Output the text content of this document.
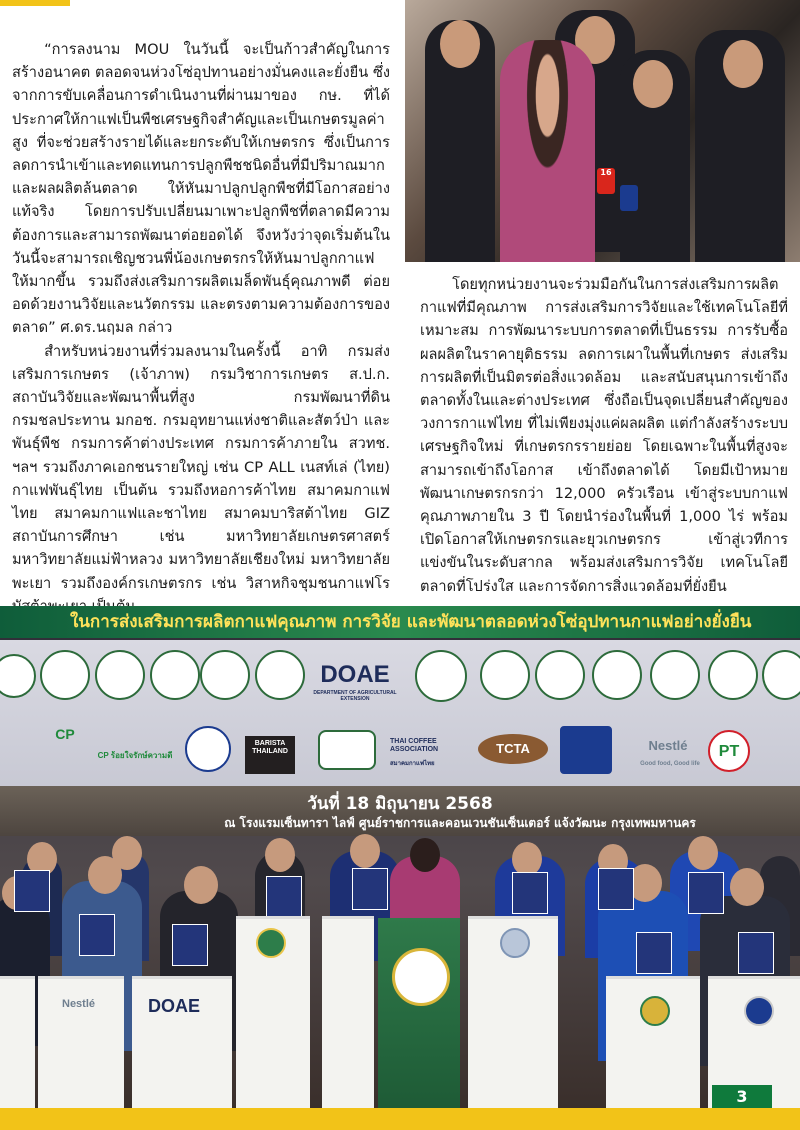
“การลงนาม MOU ในวันนี้ จะเป็นก้าวสำคัญในการสร้างอนาคต ตลอดจนห่วงโซ่อุปทานอย่างมั่นคงและยั่งยืน ซึ่งจากการขับเคลื่อนการดำเนินงานที่ผ่านมาของ กษ. ที่ได้ประกาศให้กาแฟเป็นพืชเศรษฐกิจสำคัญและเป็นเกษตรมูลค่าสูง ที่จะช่วยสร้างรายได้และยกระดับให้เกษตรกร ซึ่งเป็นการลดการนำเข้าและทดแทนการปลูกพืชชนิดอื่นที่มีปริมาณมากและผลผลิตล้นตลาด ให้หันมาปลูกปลูกพืชที่มีโอกาสอย่างแท้จริง โดยการปรับเปลี่ยนมาเพาะปลูกพืชที่ตลาดมีความต้องการและสามารถพัฒนาต่อยอดได้ จึงหวังว่าจุดเริ่มต้นในวันนี้จะสามารถเชิญชวนพี่น้องเกษตรกรให้หันมาปลูกกาแฟให้มากขึ้น รวมถึงส่งเสริมการผลิตเมล็ดพันธุ์คุณภาพดี ต่อยอดด้วยงานวิจัยและนวัตกรรม และตรงตามความต้องการของตลาด” ศ.ดร.นฤมล กล่าว

สำหรับหน่วยงานที่ร่วมลงนามในครั้งนี้ อาทิ กรมส่งเสริมการเกษตร (เจ้าภาพ) กรมวิชาการเกษตร ส.ป.ก. สถาบันวิจัยและพัฒนาพื้นที่สูง กรมพัฒนาที่ดิน กรมชลประทาน มกอช. กรมอุทยานแห่งชาติและสัตว์ป่า และพันธุ์พืช กรมการค้าต่างประเทศ กรมการค้าภายใน สวทช. ฯลฯ รวมถึงภาคเอกชนรายใหญ่ เช่น CP ALL เนสท์เล่ (ไทย) กาแฟพันธุ์ไทย เป็นต้น รวมถึงหอการค้าไทย สมาคมกาแฟไทย สมาคมกาแฟและชาไทย สมาคมบาริสต้าไทย GIZ สถาบันการศึกษา เช่น มหาวิทยาลัยเกษตรศาสตร์ มหาวิทยาลัยแม่ฟ้าหลวง มหาวิทยาลัยเชียงใหม่ มหาวิทยาลัยพะเยา รวมถึงองค์กรเกษตรกร เช่น วิสาหกิจชุมชนกาแฟโร

16

โดยทุกหน่วยงานจะร่วมมือกันในการส่งเสริมการผลิตกาแฟที่มีคุณภาพ การส่งเสริมการวิจัยและใช้เทคโนโลยีที่เหมาะสม การพัฒนาระบบการตลาดที่เป็นธรรม การรับซื้อผลผลิตในราคายุติธรรม ลดการเผาในพื้นที่เกษตร ส่งเสริมการผลิตที่เป็นมิตรต่อสิ่งแวดล้อม และสนับสนุนการเข้าถึงตลาดทั้งในและต่างประเทศ ซึ่งถือเป็นจุดเปลี่ยนสำคัญของวงการกาแฟไทย ที่ไม่เพียงมุ่งแค่ผลผลิต แต่กำลังสร้างระบบเศรษฐกิจใหม่ ที่เกษตรกรรายย่อย โดยเฉพาะในพื้นที่สูงจะสามารถเข้าถึงโอกาส เข้าถึงตลาดได้ โดยมีเป้าหมายพัฒนาเกษตรกรกว่า 12,000 ครัวเรือน เข้าสู่ระบบกาแฟคุณภาพภายใน 3 ปี โดยนำร่องในพื้นที่ 1,000 ไร่ พร้อมเปิดโอกาสให้เกษตรกรและยุวเกษตรกร เข้าสู่เวทีการแข่งขันในระดับสากล พร้อมส่งเสริมการวิจัย เทคโนโลยี ตลาดที่โปร่งใส และการจัดการสิ่งแวดล้อมที่ยั่งยืน

ในการส่งเสริมการผลิตกาแฟคุณภาพ การวิจัย และพัฒนาตลอดห่วงโซ่อุปทานกาแฟอย่างยั่งยืน
DOAE
DEPARTMENT OF AGRICULTURAL EXTENSION
CP
CP ร้อยใจรักษ์ความดี
BARISTA THAILAND
THAI COFFEE ASSOCIATION
สมาคมกาแฟไทย
TCTA	Nestlé
Good food, Good life
PT
วันที่ 18 มิถุนายน 2568
ณ โรงแรมเซ็นทารา ไลฟ์ ศูนย์ราชการและคอนเวนชันเซ็นเตอร์ แจ้งวัฒนะ กรุงเทพมหานคร
Nestlé	DOAE
3
